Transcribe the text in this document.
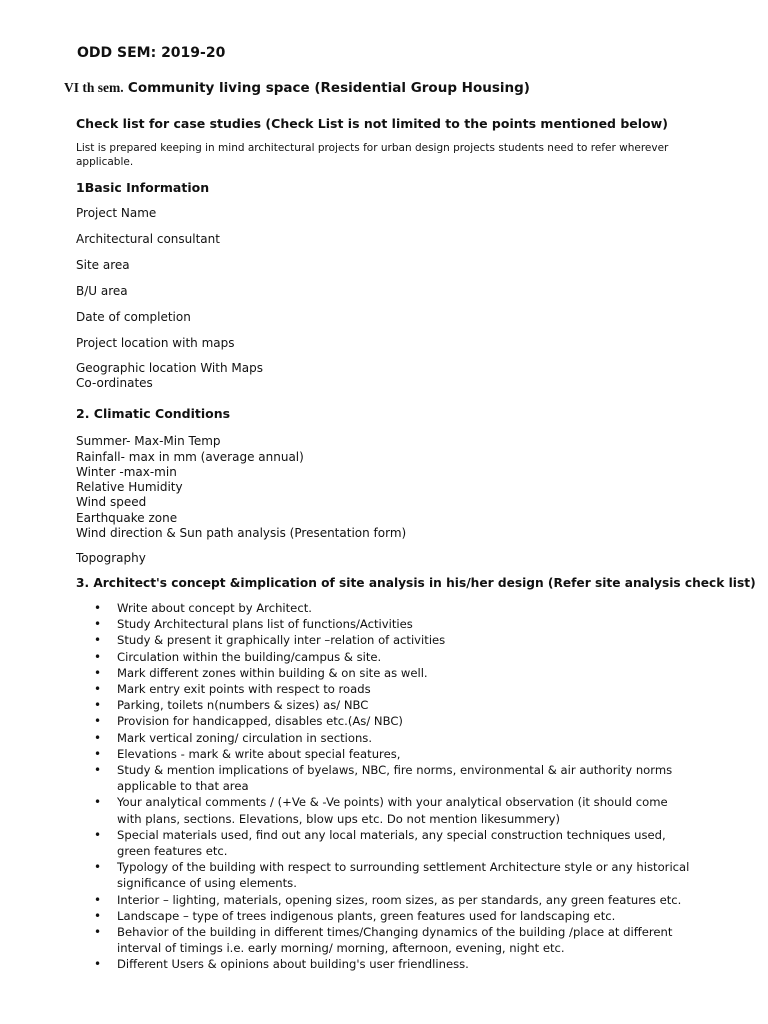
ODD SEM: 2019-20
VI th sem. Community living space (Residential Group Housing)
Check list for case studies (Check List is not limited to the points mentioned below)
List is prepared keeping in mind architectural projects for urban design projects students need to refer wherever
applicable.
1Basic Information
Project Name
Architectural consultant
Site area
B/U area
Date of completion
Project location with maps
Geographic location With Maps
Co-ordinates
2. Climatic Conditions
Summer- Max-Min Temp
Rainfall- max in mm (average annual)
Winter -max-min
Relative Humidity
Wind speed
Earthquake zone
Wind direction & Sun path analysis (Presentation form)
Topography
3. Architect's concept &implication of site analysis in his/her design (Refer site analysis check list)
• Write about concept by Architect.
• Study Architectural plans list of functions/Activities
• Study & present it graphically inter –relation of activities
• Circulation within the building/campus & site.
• Mark different zones within building & on site as well.
• Mark entry exit points with respect to roads
• Parking, toilets n(numbers & sizes) as/ NBC
• Provision for handicapped, disables etc.(As/ NBC)
• Mark vertical zoning/ circulation in sections.
• Elevations - mark & write about special features,
• Study & mention implications of byelaws, NBC, fire norms, environmental & air authority norms applicable to that area
• Your analytical comments / (+Ve & -Ve points) with your analytical observation (it should come with plans, sections. Elevations, blow ups etc. Do not mention likesummery)
• Special materials used, find out any local materials, any special construction techniques used, green features etc.
• Typology of the building with respect to surrounding settlement Architecture style or any historical significance of using elements.
• Interior – lighting, materials, opening sizes, room sizes, as per standards, any green features etc.
• Landscape – type of trees indigenous plants, green features used for landscaping etc.
• Behavior of the building in different times/Changing dynamics of the building /place at different interval of timings i.e. early morning/ morning, afternoon, evening, night etc.
• Different Users & opinions about building's user friendliness.
